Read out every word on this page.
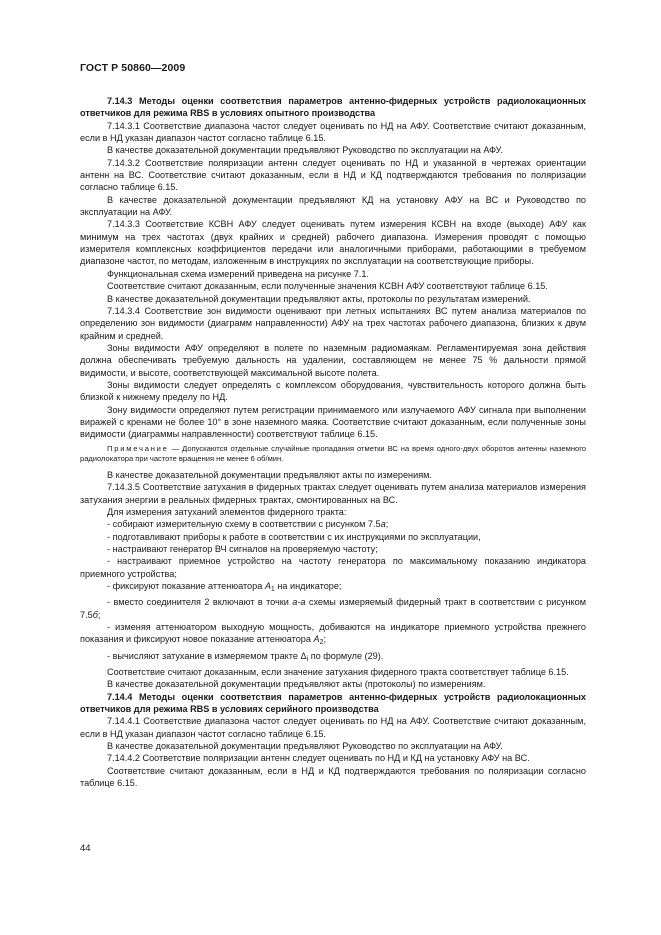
ГОСТ Р 50860—2009

7.14.3 Методы оценки соответствия параметров антенно-фидерных устройств радиолокационных ответчиков для режима RBS в условиях опытного производства

7.14.3.1 Соответствие диапазона частот следует оценивать по НД на АФУ. Соответствие считают доказанным, если в НД указан диапазон частот согласно таблице 6.15.

В качестве доказательной документации предъявляют Руководство по эксплуатации на АФУ.

7.14.3.2 Соответствие поляризации антенн следует оценивать по НД и указанной в чертежах ориентации антенн на ВС. Соответствие считают доказанным, если в НД и КД подтверждаются требования по поляризации согласно таблице 6.15.

В качестве доказательной документации предъявляют КД на установку АФУ на ВС и Руководство по эксплуатации на АФУ.

7.14.3.3 Соответствие КСВН АФУ следует оценивать путем измерения КСВН на входе (выходе) АФУ как минимум на трех частотах (двух крайних и средней) рабочего диапазона. Измерения проводят с помощью измерителя комплексных коэффициентов передачи или аналогичными приборами, работающими в требуемом диапазоне частот, по методам, изложенным в инструкциях по эксплуатации на соответствующие приборы.

Функциональная схема измерений приведена на рисунке 7.1.

Соответствие считают доказанным, если полученные значения КСВН АФУ соответствуют таблице 6.15.

В качестве доказательной документации предъявляют акты, протоколы по результатам измерений.

7.14.3.4 Соответствие зон видимости оценивают при летных испытаниях ВС путем анализа материалов по определению зон видимости (диаграмм направленности) АФУ на трех частотах рабочего диапазона, близких к двум крайним и средней.

Зоны видимости АФУ определяют в полете по наземным радиомаякам. Регламентируемая зона действия должна обеспечивать требуемую дальность на удалении, составляющем не менее 75 % дальности прямой видимости, и высоте, соответствующей максимальной высоте полета.

Зоны видимости следует определять с комплексом оборудования, чувствительность которого должна быть близкой к нижнему пределу по НД.

Зону видимости определяют путем регистрации принимаемого или излучаемого АФУ сигнала при выполнении виражей с кренами не более 10° в зоне наземного маяка. Соответствие считают доказанным, если полученные зоны видимости (диаграммы направленности) соответствуют таблице 6.15.

Примечание — Допускаются отдельные случайные пропадания отметки ВС на время одного-двух оборотов антенны наземного радиолокатора при частоте вращения не менее 6 об/мин.

В качестве доказательной документации предъявляют акты по измерениям.

7.14.3.5 Соответствие затухания в фидерных трактах следует оценивать путем анализа материалов измерения затухания энергии в реальных фидерных трактах, смонтированных на ВС.

Для измерения затуханий элементов фидерного тракта:

- собирают измерительную схему в соответствии с рисунком 7.5а;

- подготавливают приборы к работе в соответствии с их инструкциями по эксплуатации,

- настраивают генератор ВЧ сигналов на проверяемую частоту;

- настраивают приемное устройство на частоту генератора по максимальному показанию индикатора приемного устройства;

- фиксируют показание аттенюатора $A_1$ на индикаторе;

- вместо соединителя 2 включают в точки а-а схемы измеряемый фидерный тракт в соответствии с рисунком 7.5б;

- изменяя аттенюатором выходную мощность, добиваются на индикаторе приемного устройства прежнего показания и фиксируют новое показание аттенюатора $A_2$;

- вычисляют затухание в измеряемом тракте $\Delta_i$ по формуле (29).

Соответствие считают доказанным, если значение затухания фидерного тракта соответствует таблице 6.15.

В качестве доказательной документации предъявляют акты (протоколы) по измерениям.

7.14.4 Методы оценки соответствия параметров антенно-фидерных устройств радиолокационных ответчиков для режима RBS в условиях серийного производства

7.14.4.1 Соответствие диапазона частот следует оценивать по НД на АФУ. Соответствие считают доказанным, если в НД указан диапазон частот согласно таблице 6.15.

В качестве доказательной документации предъявляют Руководство по эксплуатации на АФУ.

7.14.4.2 Соответствие поляризации антенн следует оценивать по НД и КД на установку АФУ на ВС.

Соответствие считают доказанным, если в НД и КД подтверждаются требования по поляризации согласно таблице 6.15.

44
